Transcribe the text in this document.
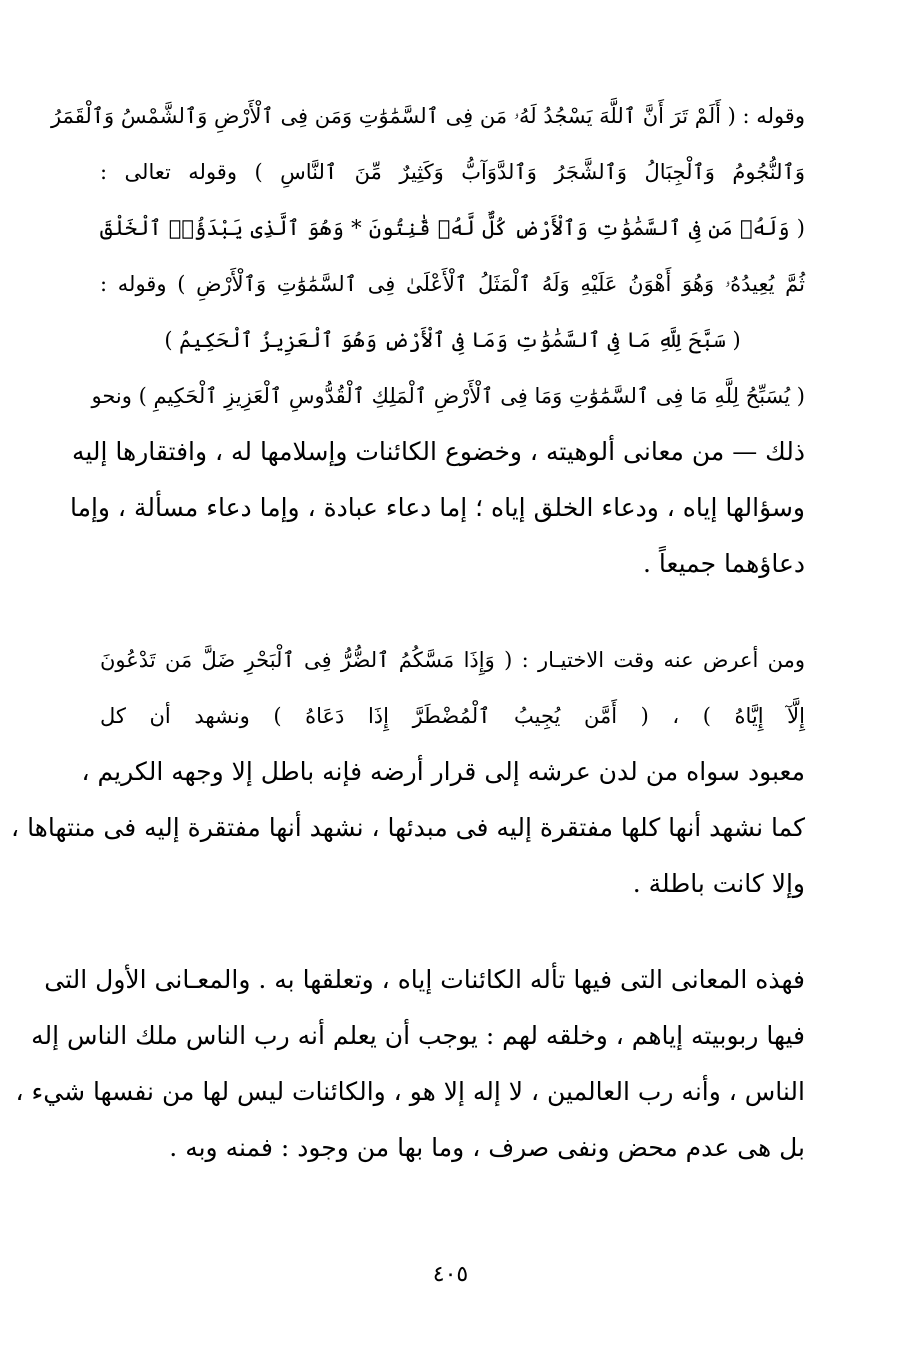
وقوله : ( أَلَمْ تَرَ أَنَّ ٱللَّهَ يَسْجُدُ لَهُۥ مَن فِى ٱلسَّمَٰوَٰتِ وَمَن فِى ٱلْأَرْضِ وَٱلشَّمْسُ وَٱلْقَمَرُ
وَٱلنُّجُومُ وَٱلْجِبَالُ وَٱلشَّجَرُ وَٱلدَّوَآبُّ وَكَثِيرٌ مِّنَ ٱلنَّاسِ ) وقوله تعالى :
( وَلَهُۥ مَن فِى ٱلسَّمَٰوَٰتِ وَٱلْأَرْضِ كُلٌّ لَّهُۥ قَٰنِتُونَ * وَهُوَ ٱلَّذِى يَبْدَؤُا۟ ٱلْخَلْقَ
ثُمَّ يُعِيدُهُۥ وَهُوَ أَهْوَنُ عَلَيْهِ وَلَهُ ٱلْمَثَلُ ٱلْأَعْلَىٰ فِى ٱلسَّمَٰوَٰتِ وَٱلْأَرْضِ ) وقوله :
( سَبَّحَ لِلَّهِ مَا فِى ٱلسَّمَٰوَٰتِ وَمَا فِى ٱلْأَرْضِ وَهُوَ ٱلْعَزِيزُ ٱلْحَكِيمُ )
( يُسَبِّحُ لِلَّهِ مَا فِى ٱلسَّمَٰوَٰتِ وَمَا فِى ٱلْأَرْضِ ٱلْمَلِكِ ٱلْقُدُّوسِ ٱلْعَزِيزِ ٱلْحَكِيمِ ) ونحو
ذلك — من معانى ألوهيته ، وخضوع الكائنات وإسلامها له ، وافتقارها إليه
وسؤالها إياه ، ودعاء الخلق إياه ؛ إما دعاء عبادة ، وإما دعاء مسألة ، وإما
دعاؤهما جميعاً .
ومن أعرض عنه وقت الاختيـار : ( وَإِذَا مَسَّكُمُ ٱلضُّرُّ فِى ٱلْبَحْرِ ضَلَّ مَن تَدْعُونَ
إِلَّآ إِيَّاهُ ) ، ( أَمَّن يُجِيبُ ٱلْمُضْطَرَّ إِذَا دَعَاهُ ) ونشهد أن كل
معبود سواه من لدن عرشه إلى قرار أرضه فإنه باطل إلا وجهه الكريم ،
كما نشهد أنها كلها مفتقرة إليه فى مبدئها ، نشهد أنها مفتقرة إليه فى منتهاها ،
وإلا كانت باطلة .
فهذه المعانى التى فيها تأله الكائنات إياه ، وتعلقها به . والمعـانى الأول التى
فيها ربوبيته إياهم ، وخلقه لهم : يوجب أن يعلم أنه رب الناس ملك الناس إله
الناس ، وأنه رب العالمين ، لا إله إلا هو ، والكائنات ليس لها من نفسها شيء ،
بل هى عدم محض ونفى صرف ، وما بها من وجود : فمنه وبه .
٤٠٥
